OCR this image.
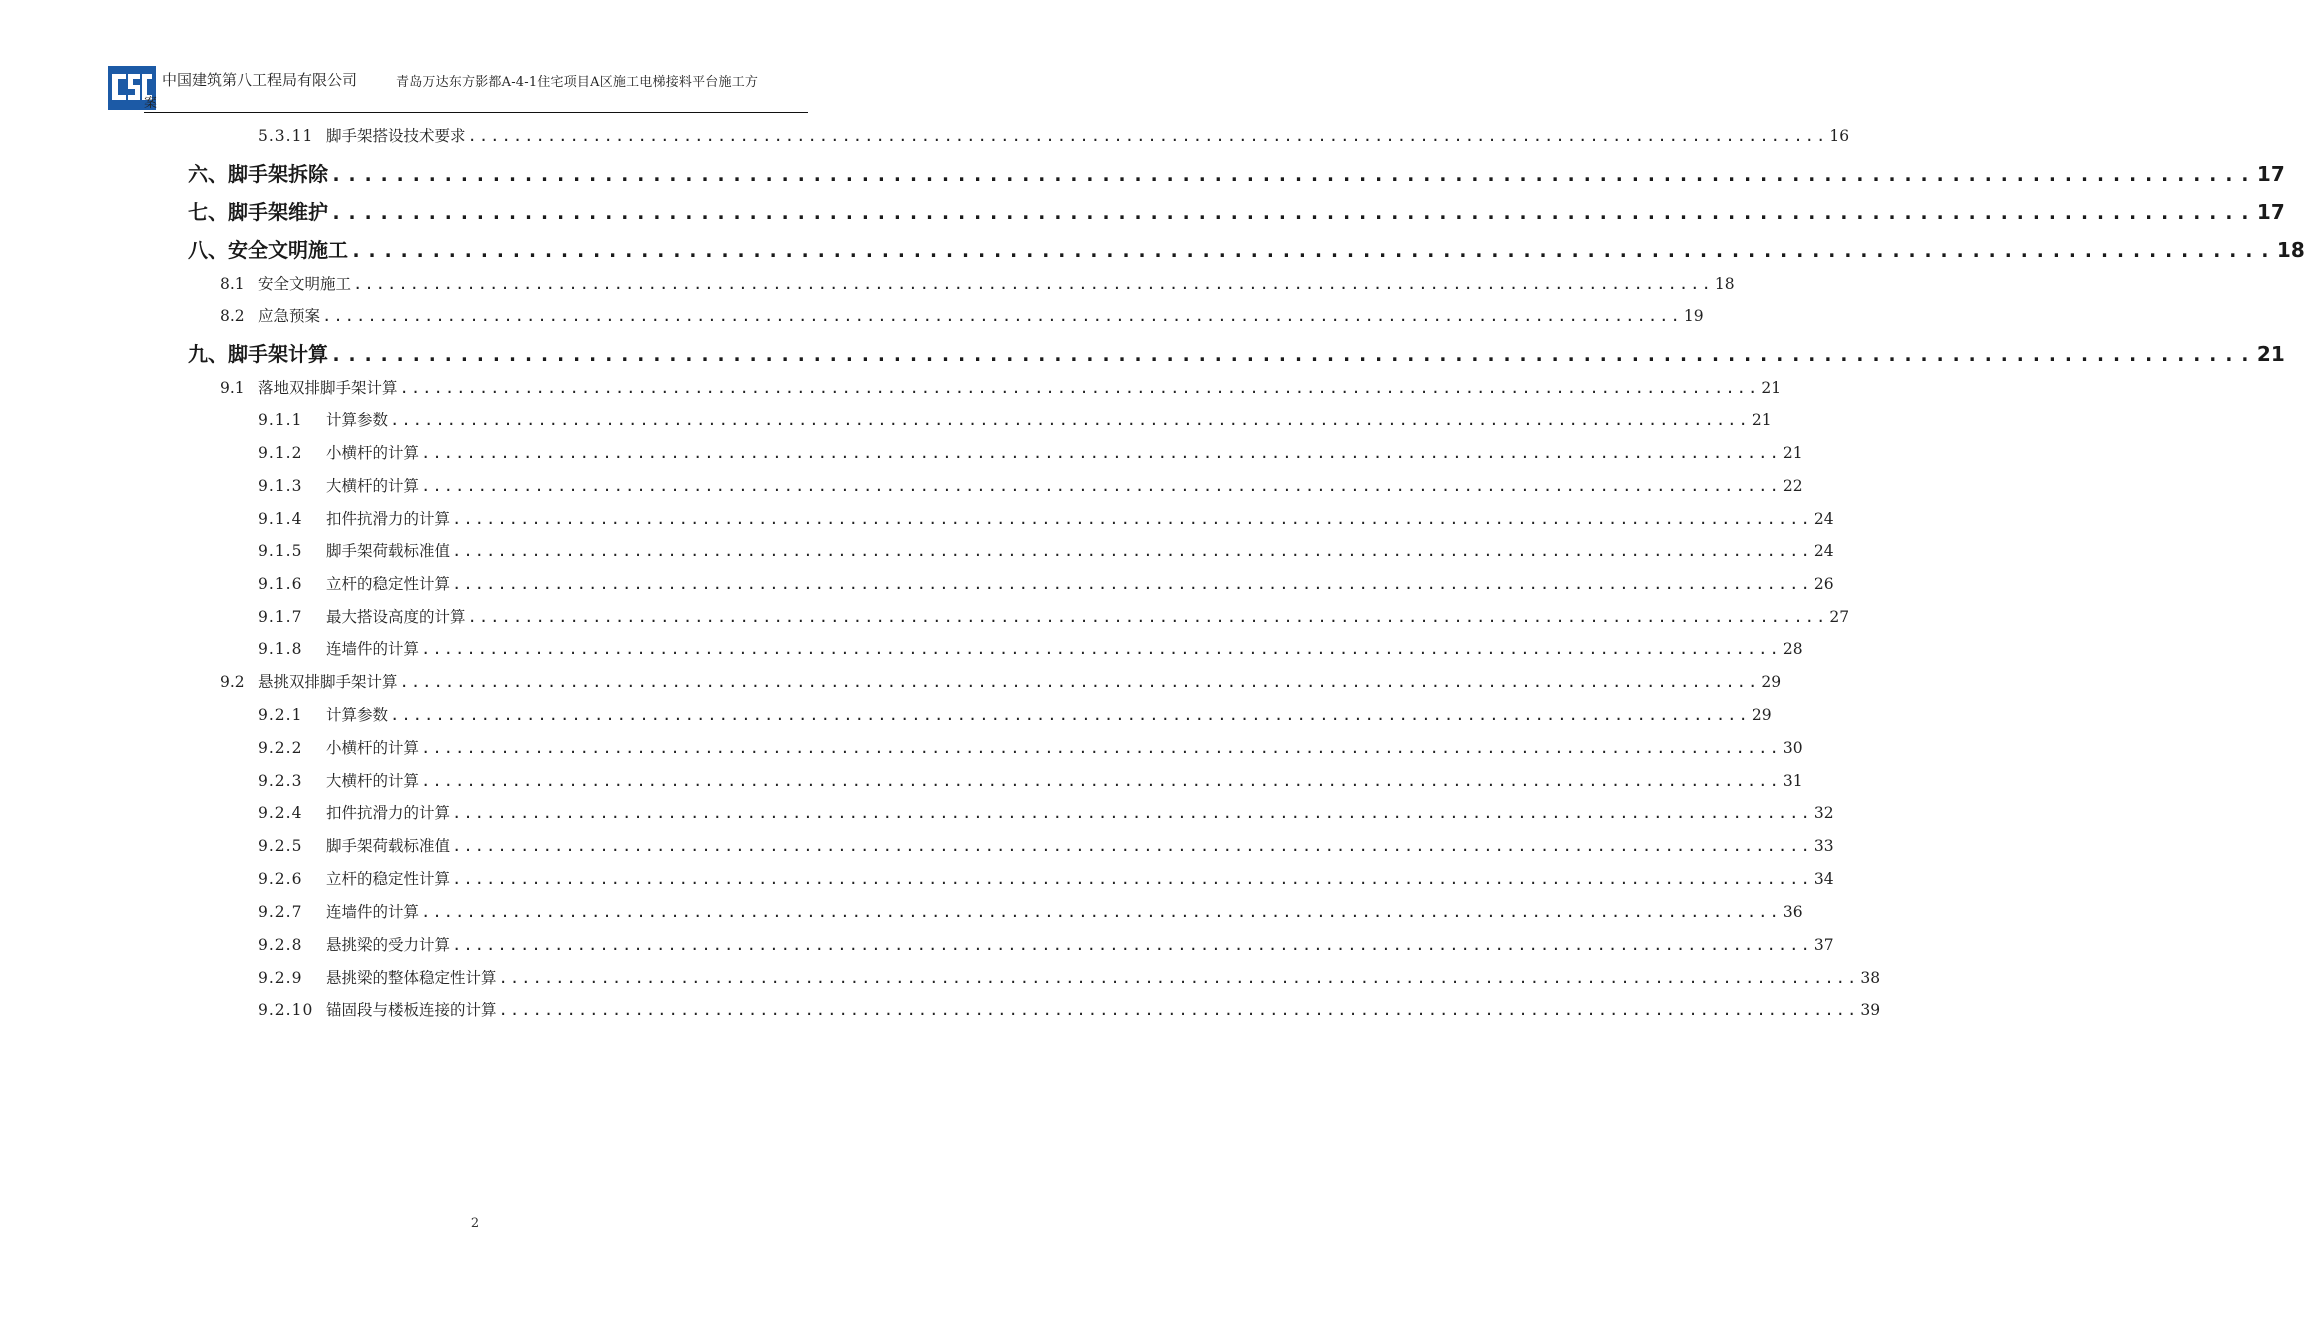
中国建筑第八工程局有限公司	青岛万达东方影都A-4-1住宅项目A区施工电梯接料平台施工方
案
5.3.11 脚手架搭设技术要求 ........................................................................................................................ 16
六、脚手架拆除 ........................................................................................................................ 17
七、脚手架维护 ........................................................................................................................ 17
八、安全文明施工 ........................................................................................................................ 18
8.1 安全文明施工 ........................................................................................................................ 18
8.2 应急预案 ........................................................................................................................ 19
九、脚手架计算 ........................................................................................................................ 21
9.1 落地双排脚手架计算 ........................................................................................................................ 21
9.1.1	计算参数 ........................................................................................................................ 21
9.1.2	小横杆的计算 ........................................................................................................................ 21
9.1.3	大横杆的计算 ........................................................................................................................ 22
9.1.4	扣件抗滑力的计算 ........................................................................................................................ 24
9.1.5	脚手架荷载标准值 ........................................................................................................................ 24
9.1.6	立杆的稳定性计算 ........................................................................................................................ 26
9.1.7	最大搭设高度的计算 ........................................................................................................................ 27
9.1.8	连墙件的计算 ........................................................................................................................ 28
9.2 悬挑双排脚手架计算 ........................................................................................................................ 29
9.2.1	计算参数 ........................................................................................................................ 29
9.2.2	小横杆的计算 ........................................................................................................................ 30
9.2.3	大横杆的计算 ........................................................................................................................ 31
9.2.4	扣件抗滑力的计算 ........................................................................................................................ 32
9.2.5	脚手架荷载标准值 ........................................................................................................................ 33
9.2.6	立杆的稳定性计算 ........................................................................................................................ 34
9.2.7	连墙件的计算 ........................................................................................................................ 36
9.2.8	悬挑梁的受力计算 ........................................................................................................................ 37
9.2.9	悬挑梁的整体稳定性计算 ........................................................................................................................ 38
9.2.10 锚固段与楼板连接的计算 ........................................................................................................................ 39
2
